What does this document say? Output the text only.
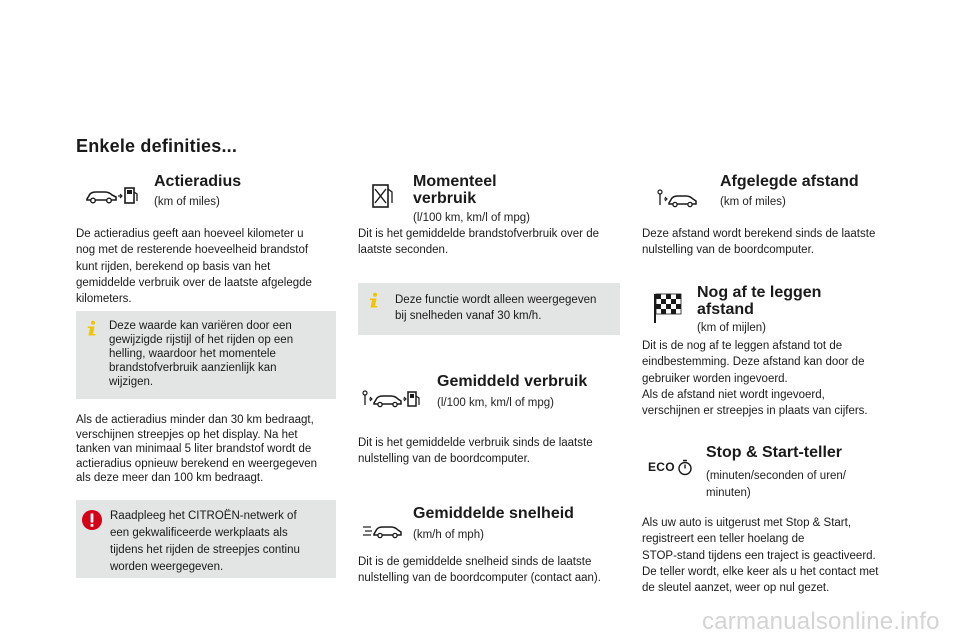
Enkele definities...
Actieradius
(km of miles)
De actieradius geeft aan hoeveel kilometer u
nog met de resterende hoeveelheid brandstof
kunt rijden, berekend op basis van het
gemiddelde verbruik over de laatste afgelegde
kilometers.
Deze waarde kan variëren door een
gewijzigde rijstijl of het rijden op een
helling, waardoor het momentele
brandstofverbruik aanzienlijk kan
wijzigen.
Als de actieradius minder dan 30 km bedraagt,
verschijnen streepjes op het display. Na het
tanken van minimaal 5 liter brandstof wordt de
actieradius opnieuw berekend en weergegeven
als deze meer dan 100 km bedraagt.
Raadpleeg het CITROËN-netwerk of
een gekwalificeerde werkplaats als
tijdens het rijden de streepjes continu
worden weergegeven.
Momenteel
verbruik
(l/100 km, km/l of mpg)
Dit is het gemiddelde brandstofverbruik over de
laatste seconden.
Deze functie wordt alleen weergegeven
bij snelheden vanaf 30 km/h.
Gemiddeld verbruik
(l/100 km, km/l of mpg)
Dit is het gemiddelde verbruik sinds de laatste
nulstelling van de boordcomputer.
Gemiddelde snelheid
(km/h of mph)
Dit is de gemiddelde snelheid sinds de laatste
nulstelling van de boordcomputer (contact aan).
Afgelegde afstand
(km of miles)
Deze afstand wordt berekend sinds de laatste
nulstelling van de boordcomputer.
Nog af te leggen
afstand
(km of mijlen)
Dit is de nog af te leggen afstand tot de
eindbestemming. Deze afstand kan door de
gebruiker worden ingevoerd.
Als de afstand niet wordt ingevoerd,
verschijnen er streepjes in plaats van cijfers.
ECO
Stop & Start-teller
(minuten/seconden of uren/
minuten)
Als uw auto is uitgerust met Stop & Start,
registreert een teller hoelang de
STOP-stand tijdens een traject is geactiveerd.
De teller wordt, elke keer als u het contact met
de sleutel aanzet, weer op nul gezet.
carmanualsonline.info
